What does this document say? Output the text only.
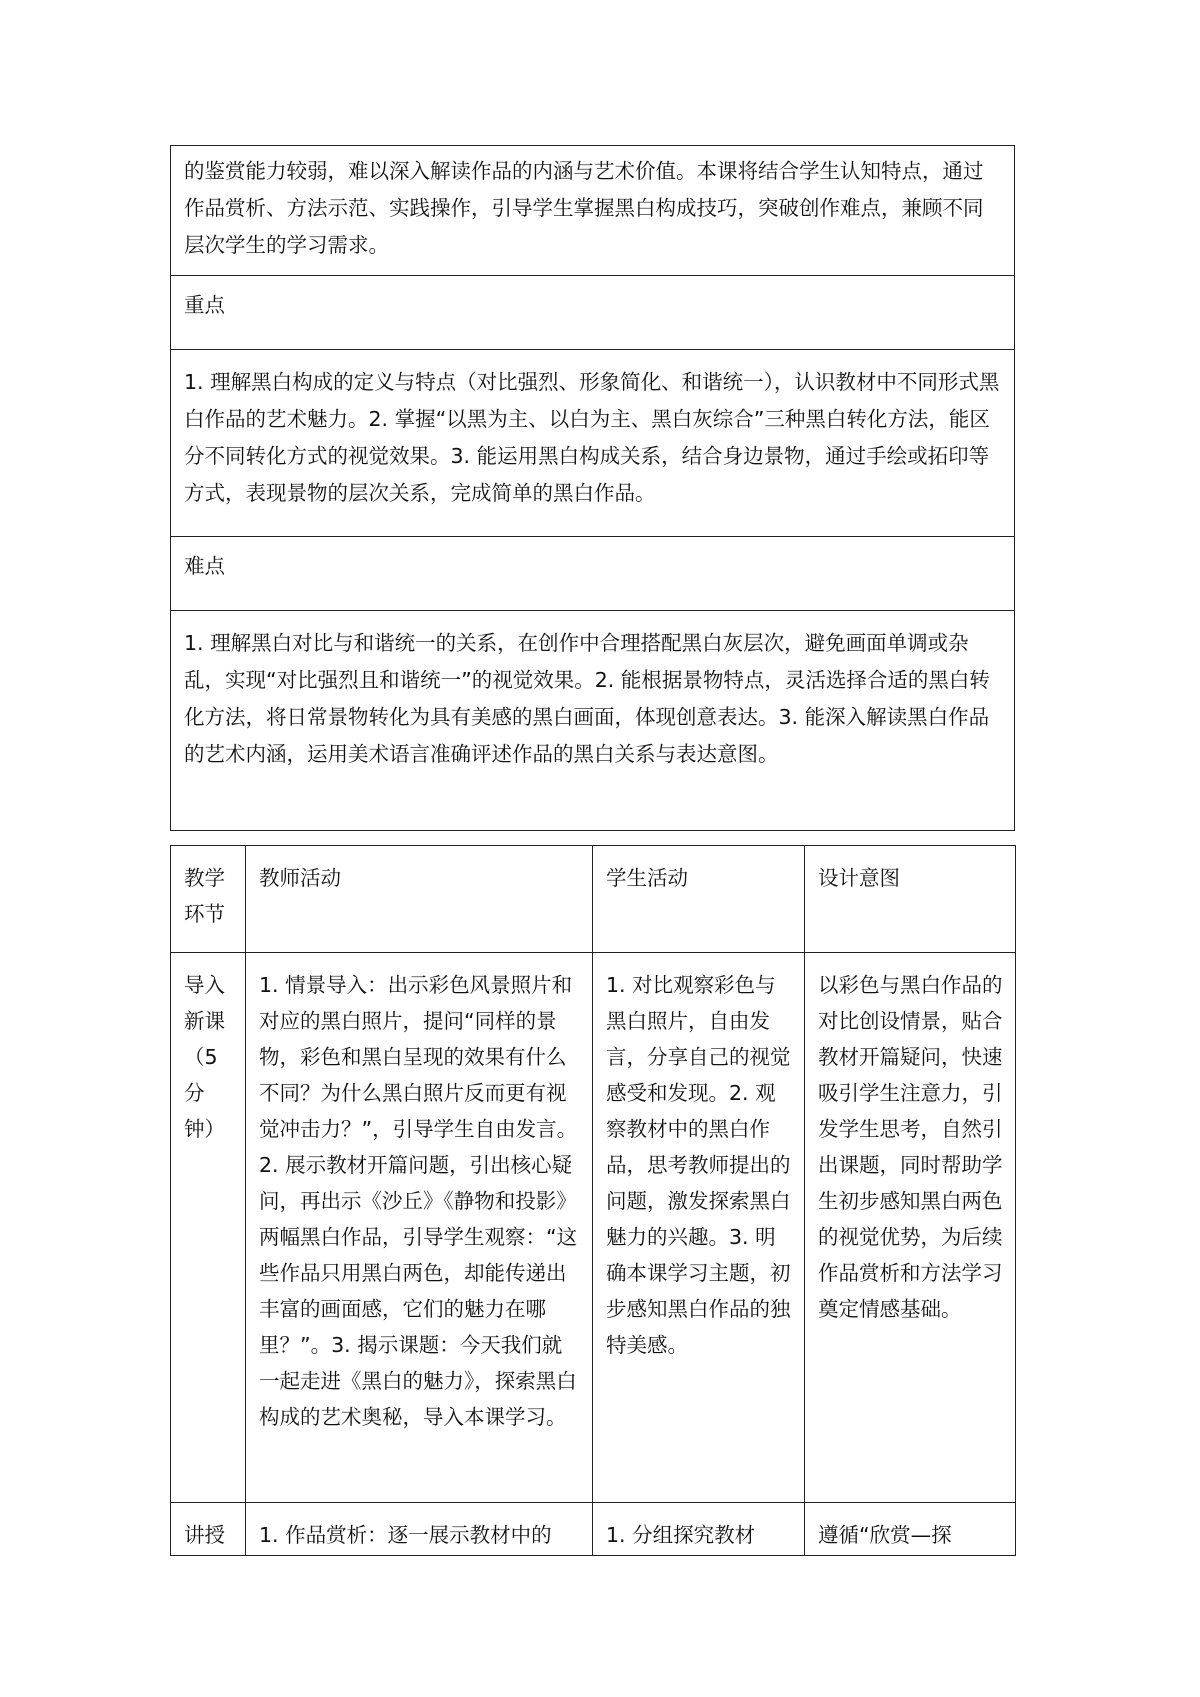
的鉴赏能力较弱，难以深入解读作品的内涵与艺术价值。本课将结合学生认知特点，通过作品赏析、方法示范、实践操作，引导学生掌握黑白构成技巧，突破创作难点，兼顾不同层次学生的学习需求。
重点
1. 理解黑白构成的定义与特点（对比强烈、形象简化、和谐统一），认识教材中不同形式黑白作品的艺术魅力。2. 掌握“以黑为主、以白为主、黑白灰综合”三种黑白转化方法，能区分不同转化方式的视觉效果。3. 能运用黑白构成关系，结合身边景物，通过手绘或拓印等方式，表现景物的层次关系，完成简单的黑白作品。
难点
1. 理解黑白对比与和谐统一的关系，在创作中合理搭配黑白灰层次，避免画面单调或杂乱，实现“对比强烈且和谐统一”的视觉效果。2. 能根据景物特点，灵活选择合适的黑白转化方法，将日常景物转化为具有美感的黑白画面，体现创意表达。3. 能深入解读黑白作品的艺术内涵，运用美术语言准确评述作品的黑白关系与表达意图。
教学环节	教师活动	学生活动	设计意图
导入新课（5分钟）	1. 情景导入：出示彩色风景照片和对应的黑白照片，提问“同样的景物，彩色和黑白呈现的效果有什么不同？为什么黑白照片反而更有视觉冲击力？”，引导学生自由发言。2. 展示教材开篇问题，引出核心疑问，再出示《沙丘》《静物和投影》两幅黑白作品，引导学生观察：“这些作品只用黑白两色，却能传递出丰富的画面感，它们的魅力在哪里？”。3. 揭示课题：今天我们就一起走进《黑白的魅力》，探索黑白构成的艺术奥秘，导入本课学习。	1. 对比观察彩色与黑白照片，自由发言，分享自己的视觉感受和发现。2. 观察教材中的黑白作品，思考教师提出的问题，激发探索黑白魅力的兴趣。3. 明确本课学习主题，初步感知黑白作品的独特美感。	以彩色与黑白作品的对比创设情景，贴合教材开篇疑问，快速吸引学生注意力，引发学生思考，自然引出课题，同时帮助学生初步感知黑白两色的视觉优势，为后续作品赏析和方法学习奠定情感基础。
讲授	1. 作品赏析：逐一展示教材中的	1. 分组探究教材	遵循“欣赏—探
